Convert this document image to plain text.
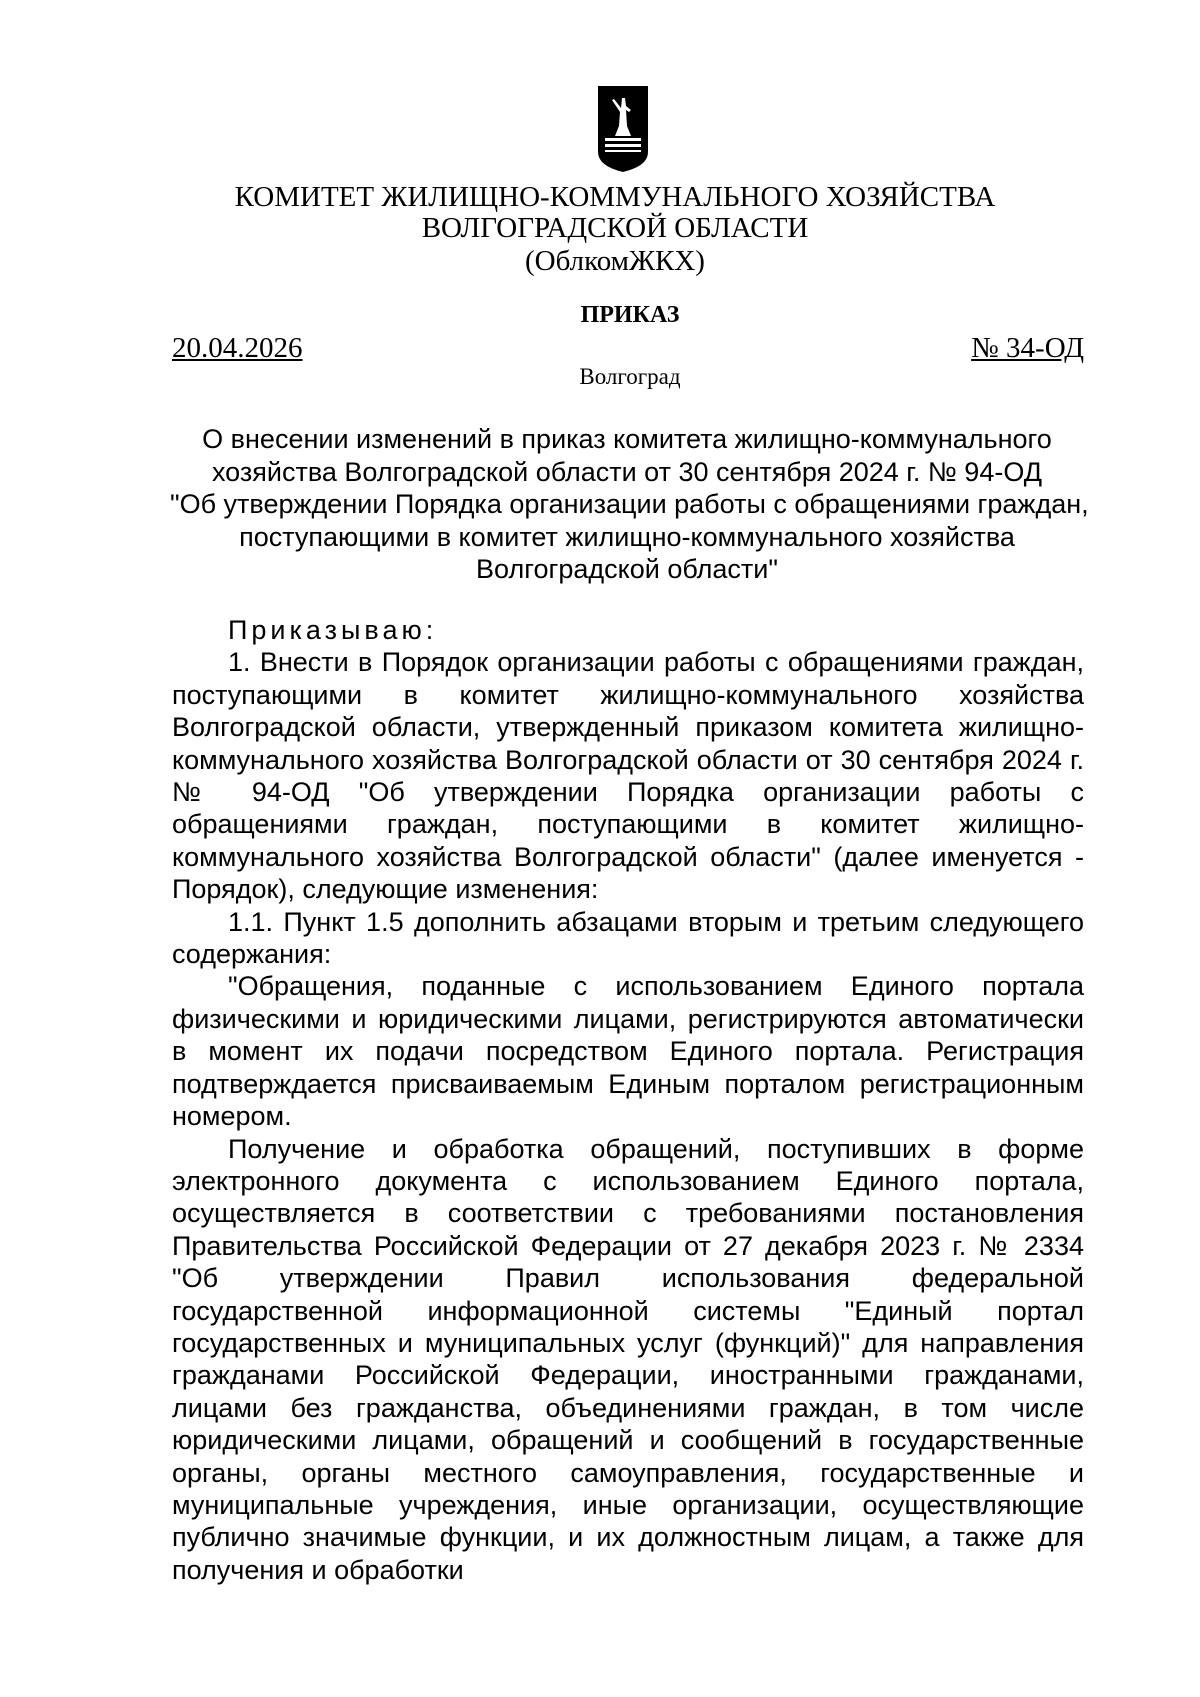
КОМИТЕТ ЖИЛИЩНО-КОММУНАЛЬНОГО ХОЗЯЙСТВА
ВОЛГОГРАДСКОЙ ОБЛАСТИ
(ОблкомЖКХ)
ПРИКАЗ
20.04.2026	№ 34-ОД
Волгоград
О внесении изменений в приказ комитета жилищно-коммунального
хозяйства Волгоградской области от 30 сентября 2024 г. № 94-ОД
"Об утверждении Порядка организации работы с обращениями граждан,
поступающими в комитет жилищно-коммунального хозяйства
Волгоградской области"

Приказываю:

1. Внести в Порядок организации работы с обращениями граждан, поступающими в комитет жилищно-коммунального хозяйства Волгоградской области, утвержденный приказом комитета жилищно-коммунального хозяйства Волгоградской области от 30 сентября 2024 г. № 94-ОД "Об утверждении Порядка организации работы с обращениями граждан, поступающими в комитет жилищно-коммунального хозяйства Волгоградской области" (далее именуется - Порядок), следующие изменения:

1.1. Пункт 1.5 дополнить абзацами вторым и третьим следующего содержания:

"Обращения, поданные с использованием Единого портала физическими и юридическими лицами, регистрируются автоматически в момент их подачи посредством Единого портала. Регистрация подтверждается присваиваемым Единым порталом регистрационным номером.

Получение и обработка обращений, поступивших в форме электронного документа с использованием Единого портала, осуществляется в соответствии с требованиями постановления Правительства Российской Федерации от 27 декабря 2023 г. № 2334 "Об утверждении Правил использования федеральной государственной информационной системы "Единый портал государственных и муниципальных услуг (функций)" для направления гражданами Российской Федерации, иностранными гражданами, лицами без гражданства, объединениями граждан, в том числе юридическими лицами, обращений и сообщений в государственные органы, органы местного самоуправления, государственные и муниципальные учреждения, иные организации, осуществляющие публично значимые функции, и их должностным лицам, а также для получения и обработки
